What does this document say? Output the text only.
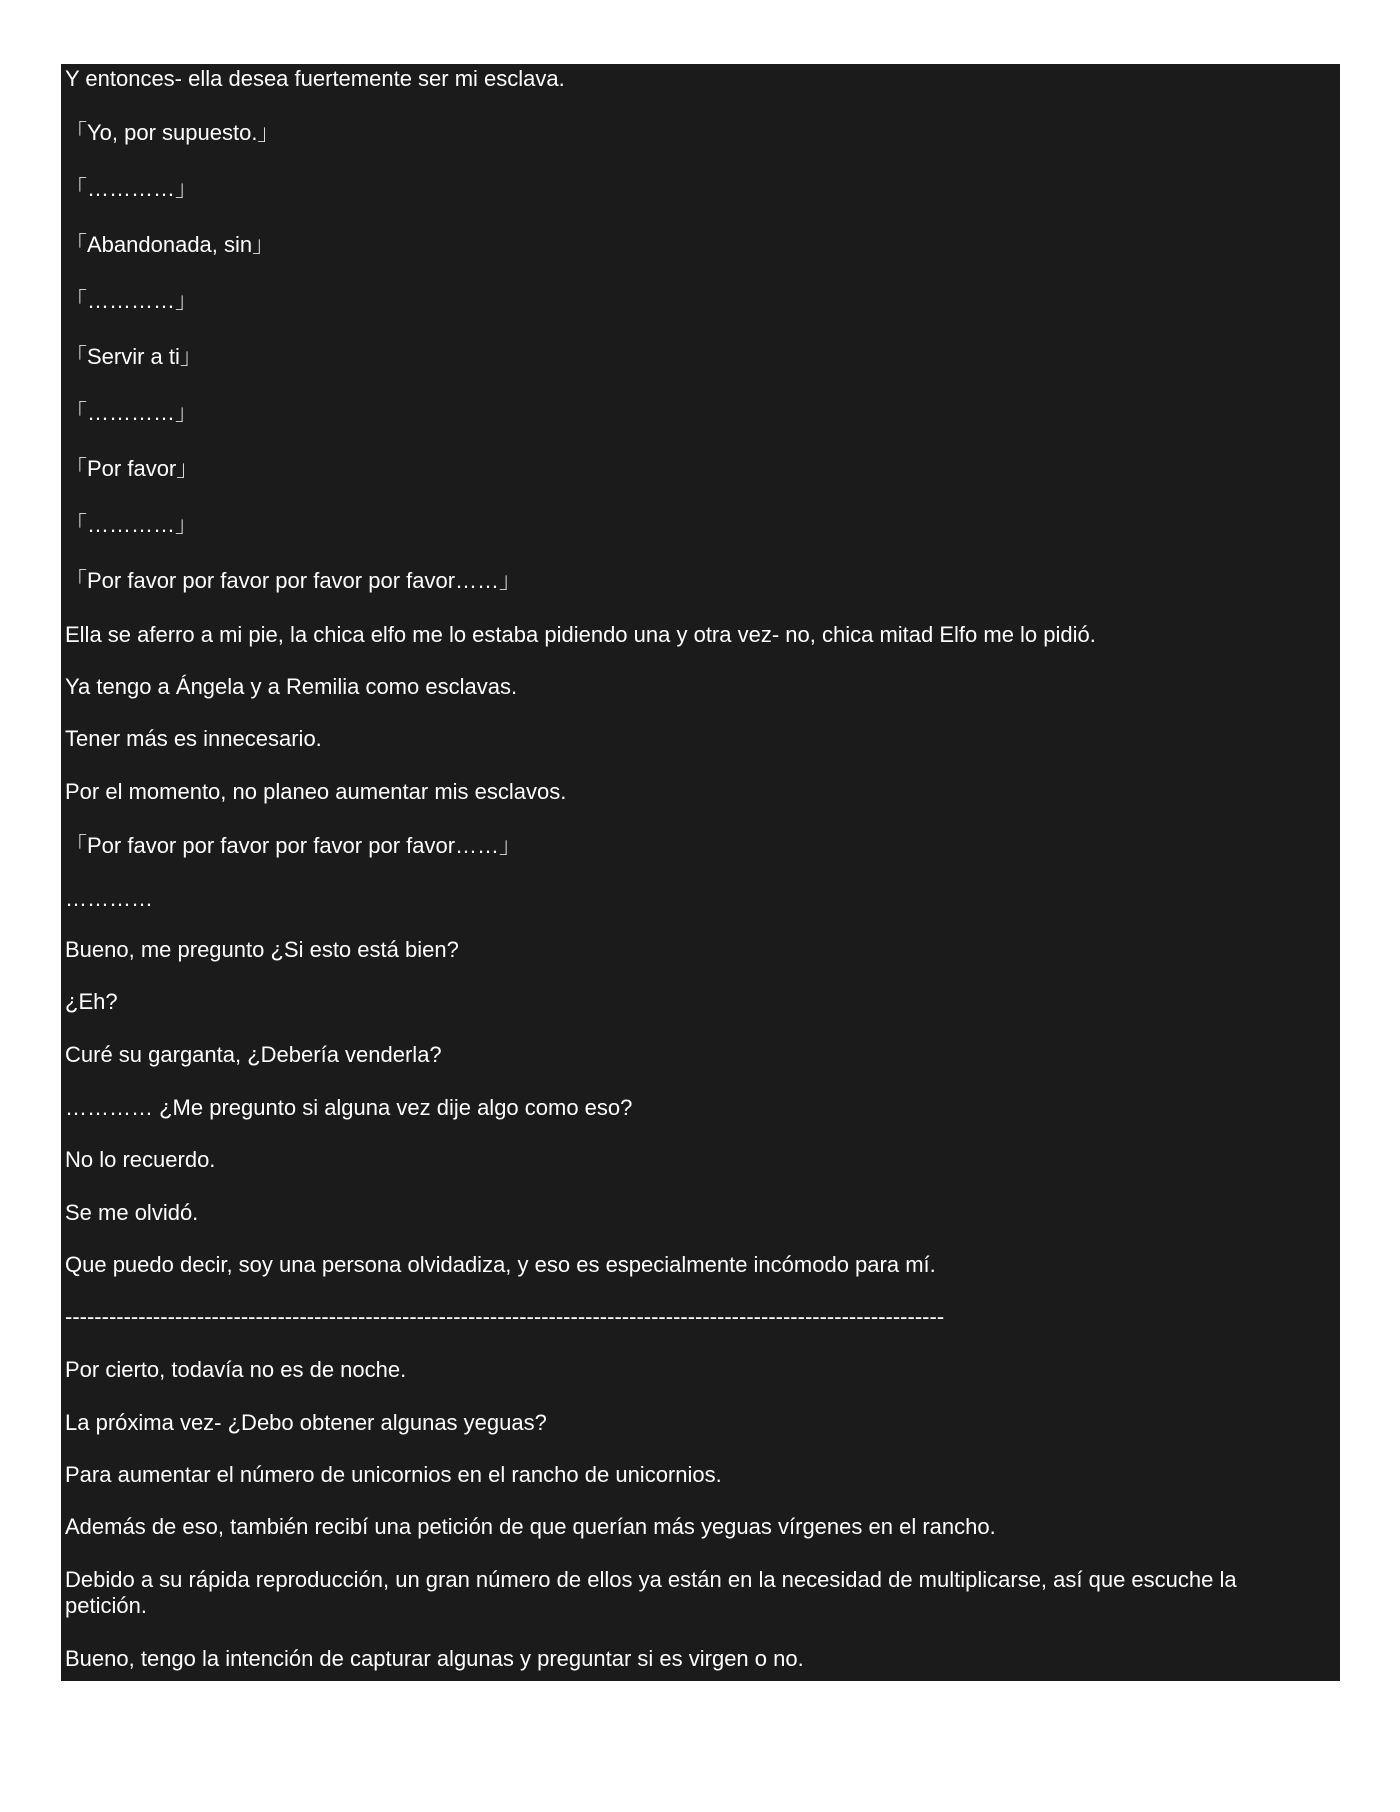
Y entonces- ella desea fuertemente ser mi esclava.

「Yo, por supuesto.」

「…………」

「Abandonada, sin」

「…………」

「Servir a ti」

「…………」

「Por favor」

「…………」

「Por favor por favor por favor por favor……」

Ella se aferro a mi pie, la chica elfo me lo estaba pidiendo una y otra vez- no, chica mitad Elfo me lo pidió.

Ya tengo a Ángela y a Remilia como esclavas.

Tener más es innecesario.

Por el momento, no planeo aumentar mis esclavos.

「Por favor por favor por favor por favor……」

…………

Bueno, me pregunto ¿Si esto está bien?

¿Eh?

Curé su garganta, ¿Debería venderla?

………… ¿Me pregunto si alguna vez dije algo como eso?

No lo recuerdo.

Se me olvidó.

Que puedo decir, soy una persona olvidadiza, y eso es especialmente incómodo para mí.

------------------------------------------------------------------------------------------------------------------------

Por cierto, todavía no es de noche.

La próxima vez- ¿Debo obtener algunas yeguas?

Para aumentar el número de unicornios en el rancho de unicornios.

Además de eso, también recibí una petición de que querían más yeguas vírgenes en el rancho.

Debido a su rápida reproducción, un gran número de ellos ya están en la necesidad de multiplicarse, así que escuche la petición.

Bueno, tengo la intención de capturar algunas y preguntar si es virgen o no.
